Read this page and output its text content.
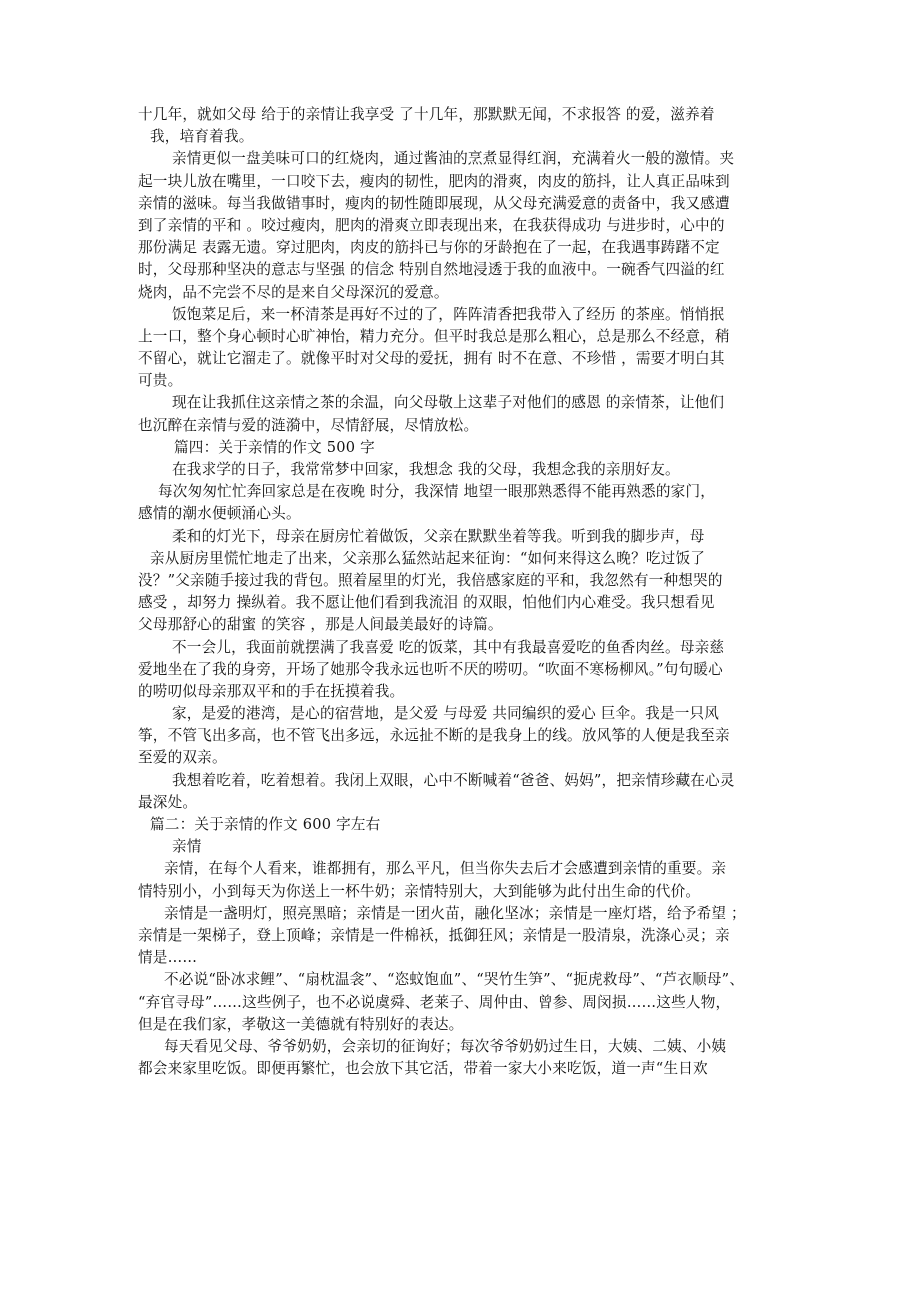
十几年，就如父母 给于的亲情让我享受 了十几年，那默默无闻，不求报答 的爱，滋养着
我，培育着我。
亲情更似一盘美味可口的红烧肉，通过酱油的烹煮显得红润，充满着火一般的激情。夹
起一块儿放在嘴里，一口咬下去，瘦肉的韧性，肥肉的滑爽，肉皮的筋抖，让人真正品味到
亲情的滋味。每当我做错事时，瘦肉的韧性随即展现，从父母充满爱意的责备中，我又感遭
到了亲情的平和 。咬过瘦肉，肥肉的滑爽立即表现出来，在我获得成功 与进步时，心中的
那份满足 表露无遗。穿过肥肉，肉皮的筋抖已与你的牙龄抱在了一起，在我遇事踌躇不定
时，父母那种坚决的意志与坚强 的信念 特别自然地浸透于我的血液中。一碗香气四溢的红
烧肉，品不完尝不尽的是来自父母深沉的爱意。
饭饱菜足后，来一杯清茶是再好不过的了，阵阵清香把我带入了经历 的茶座。悄悄抿
上一口，整个身心顿时心旷神怡，精力充分。但平时我总是那么粗心，总是那么不经意，稍
不留心，就让它溜走了。就像平时对父母的爱抚，拥有 时不在意、不珍惜 ，需要才明白其
可贵。
现在让我抓住这亲情之茶的余温，向父母敬上这辈子对他们的感恩 的亲情茶，让他们
也沉醉在亲情与爱的涟漪中，尽情舒展，尽情放松。
篇四：关于亲情的作文 500 字
在我求学的日子，我常常梦中回家，我想念 我的父母，我想念我的亲朋好友。
每次匆匆忙忙奔回家总是在夜晚 时分，我深情 地望一眼那熟悉得不能再熟悉的家门，
感情的潮水便顿涌心头。
柔和的灯光下，母亲在厨房忙着做饭，父亲在默默坐着等我。听到我的脚步声，母
亲从厨房里慌忙地走了出来，父亲那么猛然站起来征询：“如何来得这么晚？吃过饭了
没？”父亲随手接过我的背包。照着屋里的灯光，我倍感家庭的平和，我忽然有一种想哭的
感受 ，却努力 操纵着。我不愿让他们看到我流泪 的双眼，怕他们内心难受。我只想看见
父母那舒心的甜蜜 的笑容 ，那是人间最美最好的诗篇。
不一会儿，我面前就摆满了我喜爱 吃的饭菜，其中有我最喜爱吃的鱼香肉丝。母亲慈
爱地坐在了我的身旁，开场了她那令我永远也听不厌的唠叨。“吹面不寒杨柳风。”句句暖心
的唠叨似母亲那双平和的手在抚摸着我。
家，是爱的港湾，是心的宿营地，是父爱 与母爱 共同编织的爱心 巨伞。我是一只风
筝，不管飞出多高，也不管飞出多远，永远扯不断的是我身上的线。放风筝的人便是我至亲
至爱的双亲。
我想着吃着，吃着想着。我闭上双眼，心中不断喊着“爸爸、妈妈”，把亲情珍藏在心灵
最深处。
篇二：关于亲情的作文 600 字左右
亲情
亲情，在每个人看来，谁都拥有，那么平凡，但当你失去后才会感遭到亲情的重要。亲
情特别小，小到每天为你送上一杯牛奶；亲情特别大，大到能够为此付出生命的代价。
亲情是一盏明灯，照亮黑暗；亲情是一团火苗，融化坚冰；亲情是一座灯塔，给予希望 ；
亲情是一架梯子，登上顶峰；亲情是一件棉袄，抵御狂风；亲情是一股清泉，洗涤心灵；亲
情是……
不必说“卧冰求鲤”、“扇枕温衾”、“恣蚊饱血”、“哭竹生笋”、“扼虎救母”、“芦衣顺母”、
“弃官寻母”……这些例子，也不必说虞舜、老莱子、周仲由、曾参、周闵损……这些人物，
但是在我们家，孝敬这一美德就有特别好的表达。
每天看见父母、爷爷奶奶，会亲切的征询好；每次爷爷奶奶过生日，大姨、二姨、小姨
都会来家里吃饭。即便再繁忙，也会放下其它活，带着一家大小来吃饭，道一声“生日欢
